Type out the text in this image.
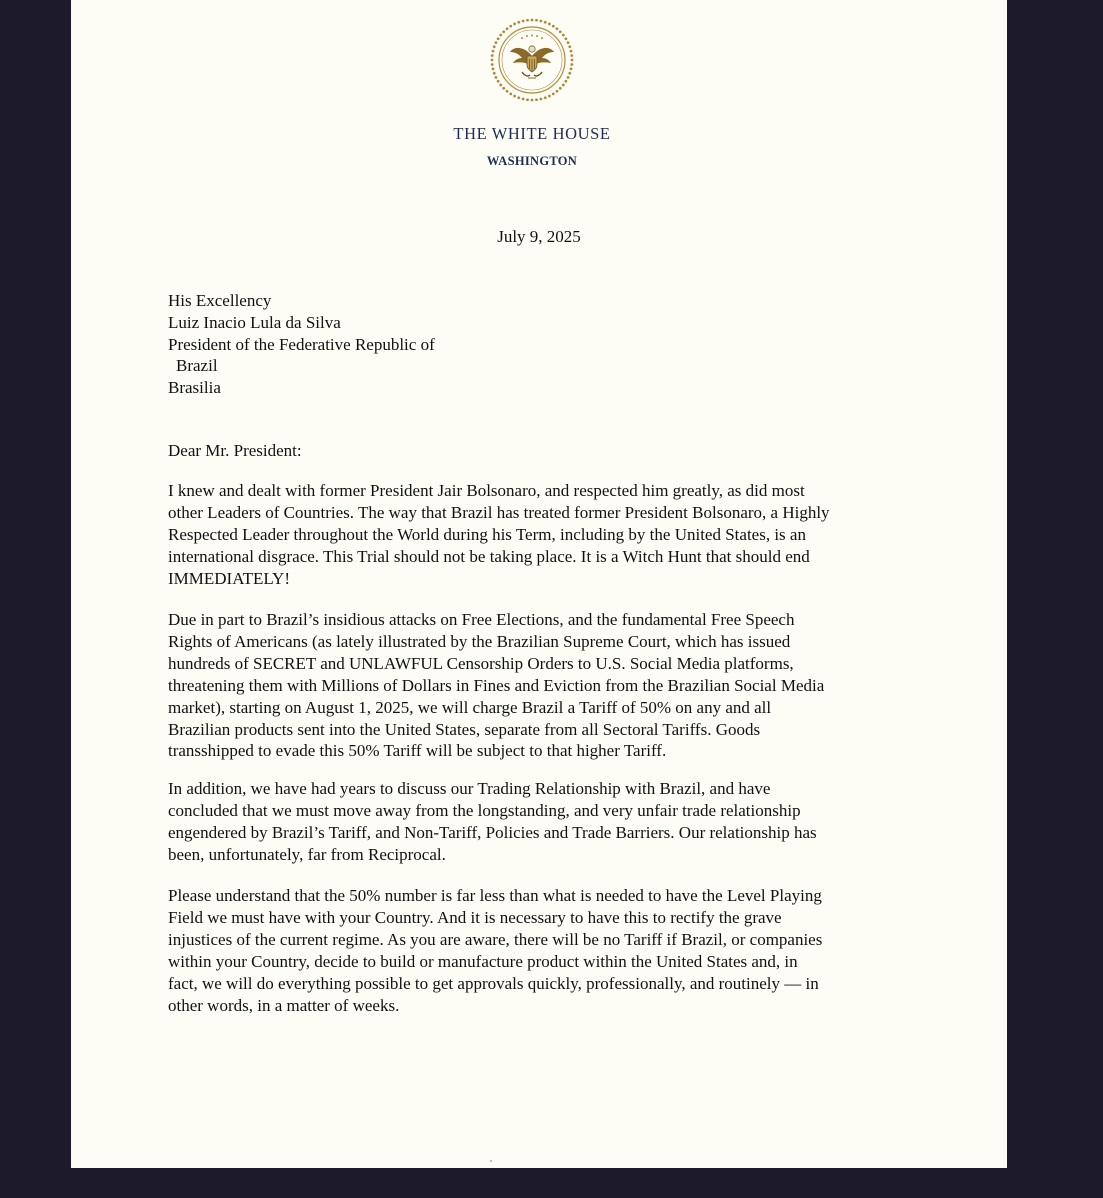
THE WHITE HOUSE

WASHINGTON

July 9, 2025

His Excellency
Luiz Inacio Lula da Silva
President of the Federative Republic of
Brazil
Brasilia

Dear Mr. President:

I knew and dealt with former President Jair Bolsonaro, and respected him greatly, as did most
other Leaders of Countries. The way that Brazil has treated former President Bolsonaro, a Highly
Respected Leader throughout the World during his Term, including by the United States, is an
international disgrace. This Trial should not be taking place. It is a Witch Hunt that should end
IMMEDIATELY!

Due in part to Brazil’s insidious attacks on Free Elections, and the fundamental Free Speech
Rights of Americans (as lately illustrated by the Brazilian Supreme Court, which has issued
hundreds of SECRET and UNLAWFUL Censorship Orders to U.S. Social Media platforms,
threatening them with Millions of Dollars in Fines and Eviction from the Brazilian Social Media
market), starting on August 1, 2025, we will charge Brazil a Tariff of 50% on any and all
Brazilian products sent into the United States, separate from all Sectoral Tariffs. Goods
transshipped to evade this 50% Tariff will be subject to that higher Tariff.

In addition, we have had years to discuss our Trading Relationship with Brazil, and have
concluded that we must move away from the longstanding, and very unfair trade relationship
engendered by Brazil’s Tariff, and Non-Tariff, Policies and Trade Barriers. Our relationship has
been, unfortunately, far from Reciprocal.

Please understand that the 50% number is far less than what is needed to have the Level Playing
Field we must have with your Country. And it is necessary to have this to rectify the grave
injustices of the current regime. As you are aware, there will be no Tariff if Brazil, or companies
within your Country, decide to build or manufacture product within the United States and, in
fact, we will do everything possible to get approvals quickly, professionally, and routinely — in
other words, in a matter of weeks.
